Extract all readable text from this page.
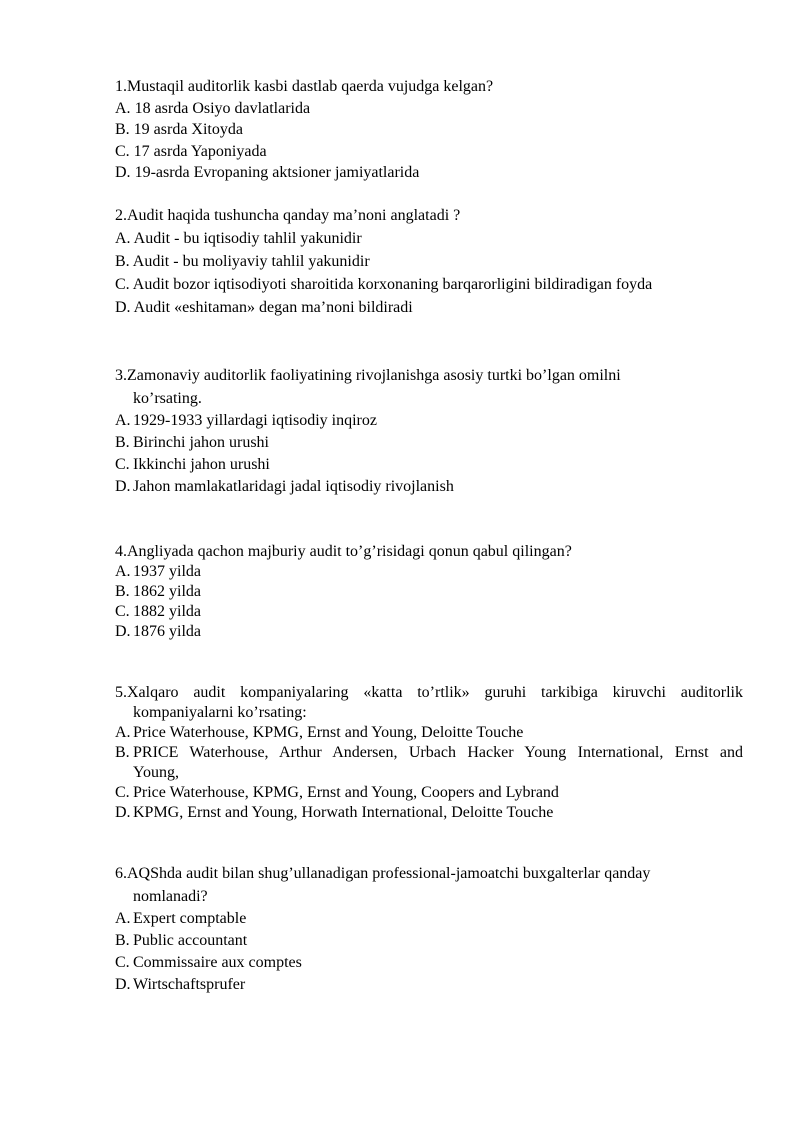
1.Mustaqil auditorlik kasbi dastlab qaerda vujudga kelgan?
A. 18 asrda Osiyo davlatlarida
B. 19 asrda Xitoyda
C. 17 asrda Yaponiyada
D. 19-asrda Evropaning aktsioner jamiyatlarida
2.Audit haqida tushuncha qanday ma’noni anglatadi ?
A. Audit - bu iqtisodiy tahlil yakunidir
B. Audit - bu moliyaviy tahlil yakunidir
C. Audit bozor iqtisodiyoti sharoitida korxonaning barqarorligini bildiradigan foyda
D. Audit «eshitaman» degan ma’noni bildiradi
3.Zamonaviy auditorlik faoliyatining rivojlanishga asosiy turtki bo’lgan omilni
ko’rsating.
A. 1929-1933 yillardagi iqtisodiy inqiroz
B. Birinchi jahon urushi
C. Ikkinchi jahon urushi
D. Jahon mamlakatlaridagi jadal iqtisodiy rivojlanish
4.Angliyada qachon majburiy audit to’g’risidagi qonun qabul qilingan?
A. 1937 yilda
B. 1862 yilda
C. 1882 yilda
D. 1876 yilda
5.Xalqaro audit kompaniyalaring «katta to’rtlik» guruhi tarkibiga kiruvchi auditorlik
kompaniyalarni ko’rsating:
A. Price Waterhouse, KPMG, Ernst and Young, Deloitte Touche
B. PRICE Waterhouse, Arthur Andersen, Urbach Hacker Young International, Ernst and
Young,
C. Price Waterhouse, KPMG, Ernst and Young, Coopers and Lybrand
D. KPMG, Ernst and Young, Horwath International, Deloitte Touche
6.AQShda audit bilan shug’ullanadigan professional-jamoatchi buxgalterlar qanday
nomlanadi?
A. Expert comptable
B. Public accountant
C. Commissaire aux comptes
D. Wirtschaftsprufer
